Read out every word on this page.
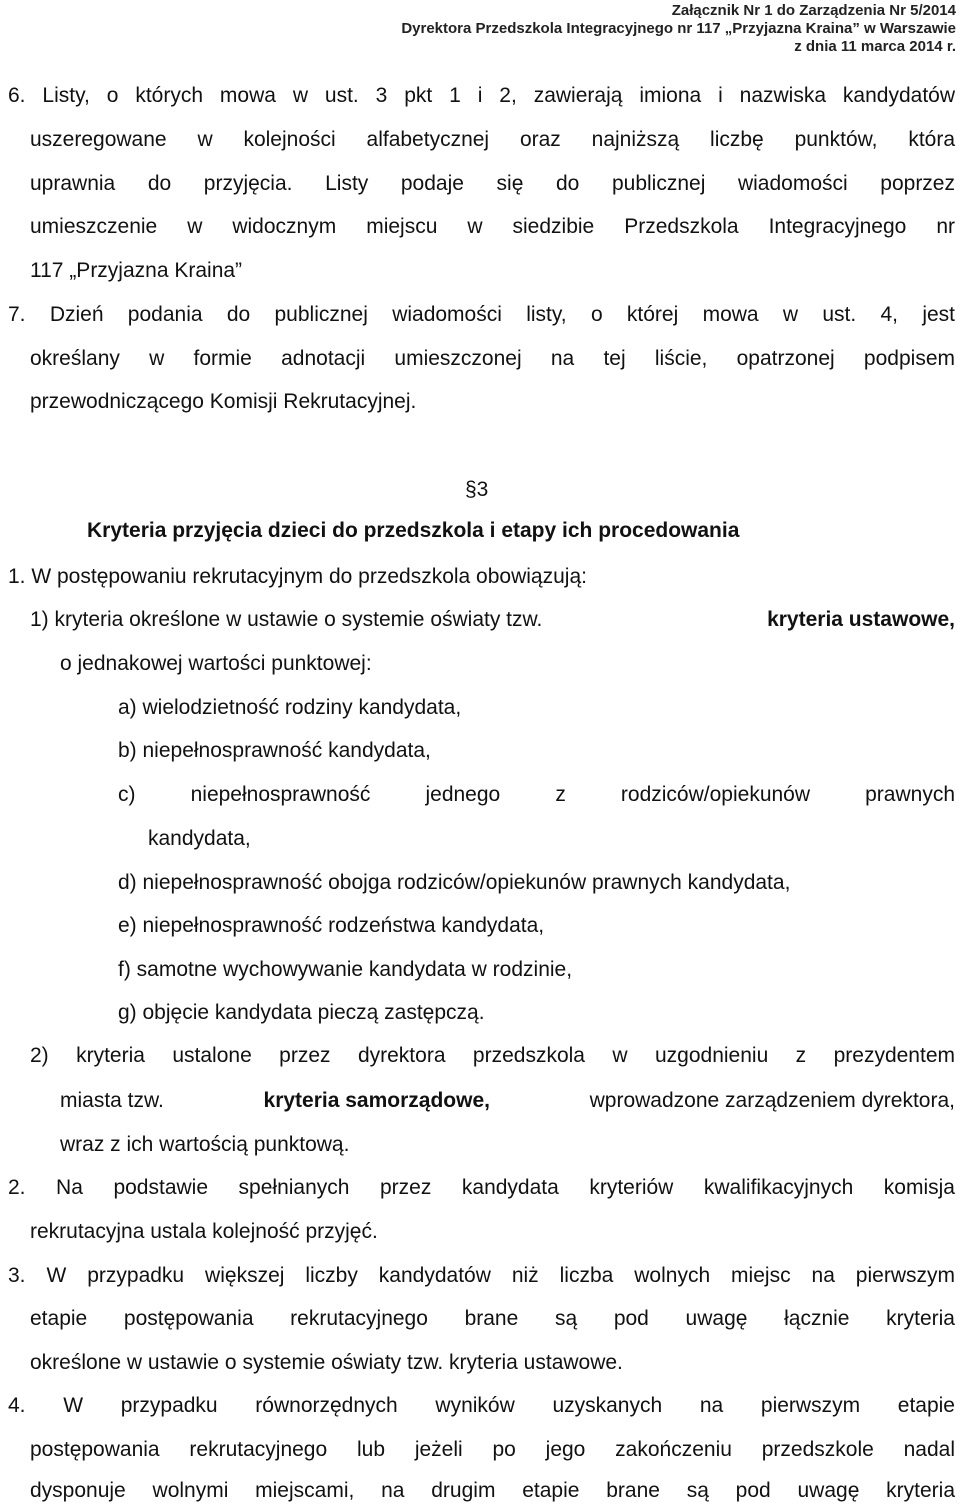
Załącznik Nr 1 do Zarządzenia Nr 5/2014
Dyrektora Przedszkola Integracyjnego nr 117 „Przyjazna Kraina” w Warszawie
z dnia 11 marca 2014 r.
6. Listy, o których mowa w ust. 3 pkt 1 i 2, zawierają imiona i nazwiska kandydatów
uszeregowane w kolejności alfabetycznej oraz najniższą liczbę punktów, która
uprawnia do przyjęcia. Listy podaje się do publicznej wiadomości poprzez
umieszczenie w widocznym miejscu w siedzibie Przedszkola Integracyjnego nr
117 „Przyjazna Kraina”
7. Dzień podania do publicznej wiadomości listy, o której mowa w ust. 4, jest
określany w formie adnotacji umieszczonej na tej liście, opatrzonej podpisem
przewodniczącego Komisji Rekrutacyjnej.
§3
Kryteria przyjęcia dzieci do przedszkola i etapy ich procedowania
1. W postępowaniu rekrutacyjnym do przedszkola obowiązują:
1) kryteria określone w ustawie o systemie oświaty tzw.	kryteria ustawowe,
o jednakowej wartości punktowej:
a) wielodzietność rodziny kandydata,
b) niepełnosprawność kandydata,
c) niepełnosprawność jednego z rodziców/opiekunów prawnych
kandydata,
d) niepełnosprawność obojga rodziców/opiekunów prawnych kandydata,
e) niepełnosprawność rodzeństwa kandydata,
f) samotne wychowywanie kandydata w rodzinie,
g) objęcie kandydata pieczą zastępczą.
2) kryteria ustalone przez dyrektora przedszkola w uzgodnieniu z prezydentem
miasta tzw.	kryteria samorządowe,	wprowadzone zarządzeniem dyrektora,
wraz z ich wartością punktową.
2. Na podstawie spełnianych przez kandydata kryteriów kwalifikacyjnych komisja
rekrutacyjna ustala kolejność przyjęć.
3. W przypadku większej liczby kandydatów niż liczba wolnych miejsc na pierwszym
etapie postępowania rekrutacyjnego brane są pod uwagę łącznie kryteria
określone w ustawie o systemie oświaty tzw. kryteria ustawowe.
4. W przypadku równorzędnych wyników uzyskanych na pierwszym etapie
postępowania rekrutacyjnego lub jeżeli po jego zakończeniu przedszkole nadal
dysponuje wolnymi miejscami, na drugim etapie brane są pod uwagę kryteria
